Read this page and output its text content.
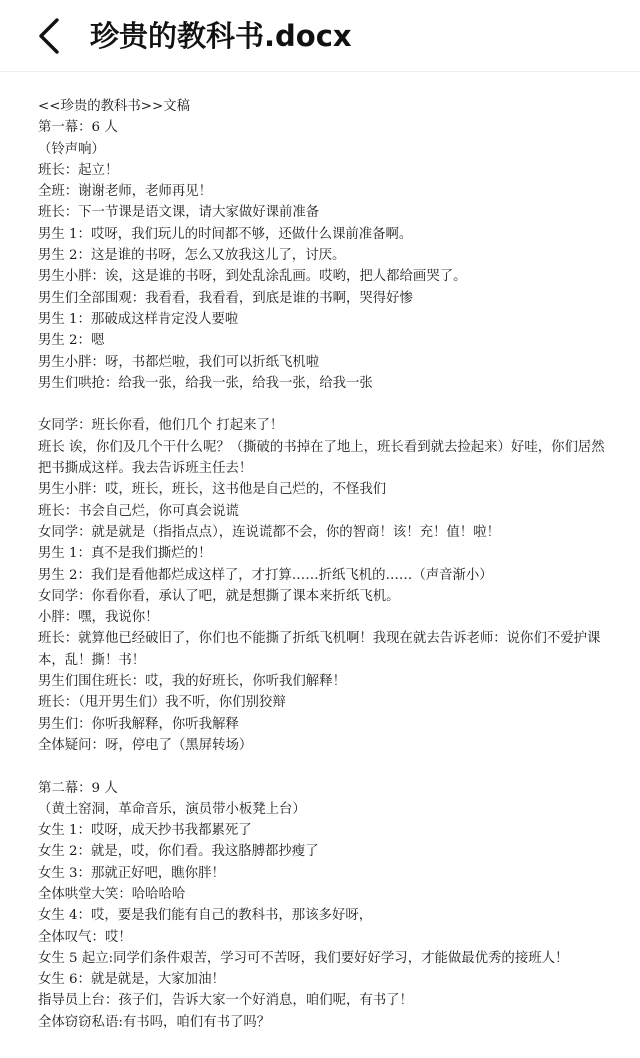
珍贵的教科书.docx
<<珍贵的教科书>>文稿
第一幕：6 人
（铃声响）
班长：起立！
全班：谢谢老师，老师再见！
班长：下一节课是语文课，请大家做好课前准备
男生 1：哎呀，我们玩儿的时间都不够，还做什么课前准备啊。
男生 2：这是谁的书呀，怎么又放我这儿了，讨厌。
男生小胖：诶，这是谁的书呀，到处乱涂乱画。哎哟，把人都给画哭了。
男生们全部围观：我看看，我看看，到底是谁的书啊，哭得好惨
男生 1：那破成这样肯定没人要啦
男生 2：嗯
男生小胖：呀，书都烂啦，我们可以折纸飞机啦
男生们哄抢：给我一张，给我一张，给我一张，给我一张
女同学：班长你看，他们几个 打起来了！
班长 诶，你们及几个干什么呢？（撕破的书掉在了地上，班长看到就去捡起来）好哇，你们居然把书撕成这样。我去告诉班主任去！
男生小胖：哎，班长，班长，这书他是自己烂的，不怪我们
班长：书会自己烂，你可真会说谎
女同学：就是就是（指指点点），连说谎都不会，你的智商！该！充！值！啦！
男生 1：真不是我们撕烂的！
男生 2：我们是看他都烂成这样了，才打算……折纸飞机的……（声音渐小）
女同学：你看你看，承认了吧，就是想撕了课本来折纸飞机。
小胖：嘿，我说你！
班长：就算他已经破旧了，你们也不能撕了折纸飞机啊！我现在就去告诉老师：说你们不爱护课本，乱！撕！书！
男生们围住班长：哎，我的好班长，你听我们解释！
班长：（甩开男生们）我不听，你们别狡辩
男生们：你听我解释，你听我解释
全体疑问：呀，停电了（黑屏转场）
第二幕：9 人
（黄土窑洞，革命音乐，演员带小板凳上台）
女生 1：哎呀，成天抄书我都累死了
女生 2：就是，哎，你们看。我这胳膊都抄瘦了
女生 3：那就正好吧，瞧你胖！
全体哄堂大笑：哈哈哈哈
女生 4：哎，要是我们能有自己的教科书，那该多好呀，
全体叹气：哎！
女生 5 起立:同学们条件艰苦，学习可不苦呀，我们要好好学习，才能做最优秀的接班人！
女生 6：就是就是，大家加油！
指导员上台：孩子们，告诉大家一个好消息，咱们呢，有书了！
全体窃窃私语:有书吗，咱们有书了吗？
